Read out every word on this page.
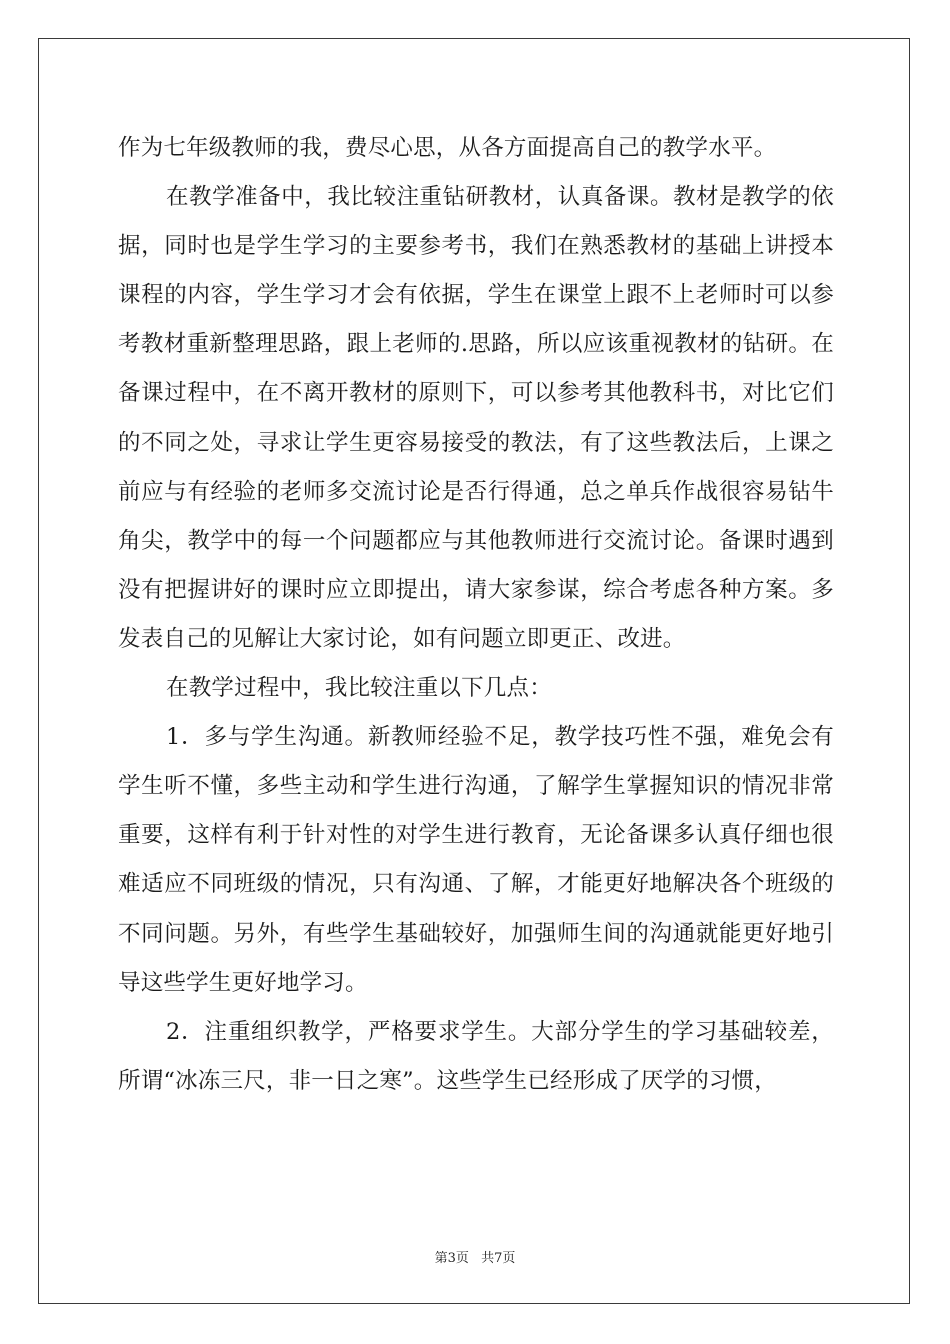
作为七年级教师的我，费尽心思，从各方面提高自己的教学水平。

在教学准备中，我比较注重钻研教材，认真备课。教材是教学的依据，同时也是学生学习的主要参考书，我们在熟悉教材的基础上讲授本课程的内容，学生学习才会有依据，学生在课堂上跟不上老师时可以参考教材重新整理思路，跟上老师的.思路，所以应该重视教材的钻研。在备课过程中，在不离开教材的原则下，可以参考其他教科书，对比它们的不同之处，寻求让学生更容易接受的教法，有了这些教法后，上课之前应与有经验的老师多交流讨论是否行得通，总之单兵作战很容易钻牛角尖，教学中的每一个问题都应与其他教师进行交流讨论。备课时遇到没有把握讲好的课时应立即提出，请大家参谋，综合考虑各种方案。多发表自己的见解让大家讨论，如有问题立即更正、改进。

在教学过程中，我比较注重以下几点：

1．多与学生沟通。新教师经验不足，教学技巧性不强，难免会有学生听不懂，多些主动和学生进行沟通，了解学生掌握知识的情况非常重要，这样有利于针对性的对学生进行教育，无论备课多认真仔细也很难适应不同班级的情况，只有沟通、了解，才能更好地解决各个班级的不同问题。另外，有些学生基础较好，加强师生间的沟通就能更好地引导这些学生更好地学习。

2．注重组织教学，严格要求学生。大部分学生的学习基础较差，所谓“冰冻三尺，非一日之寒”。这些学生已经形成了厌学的习惯，

第3页 共7页
